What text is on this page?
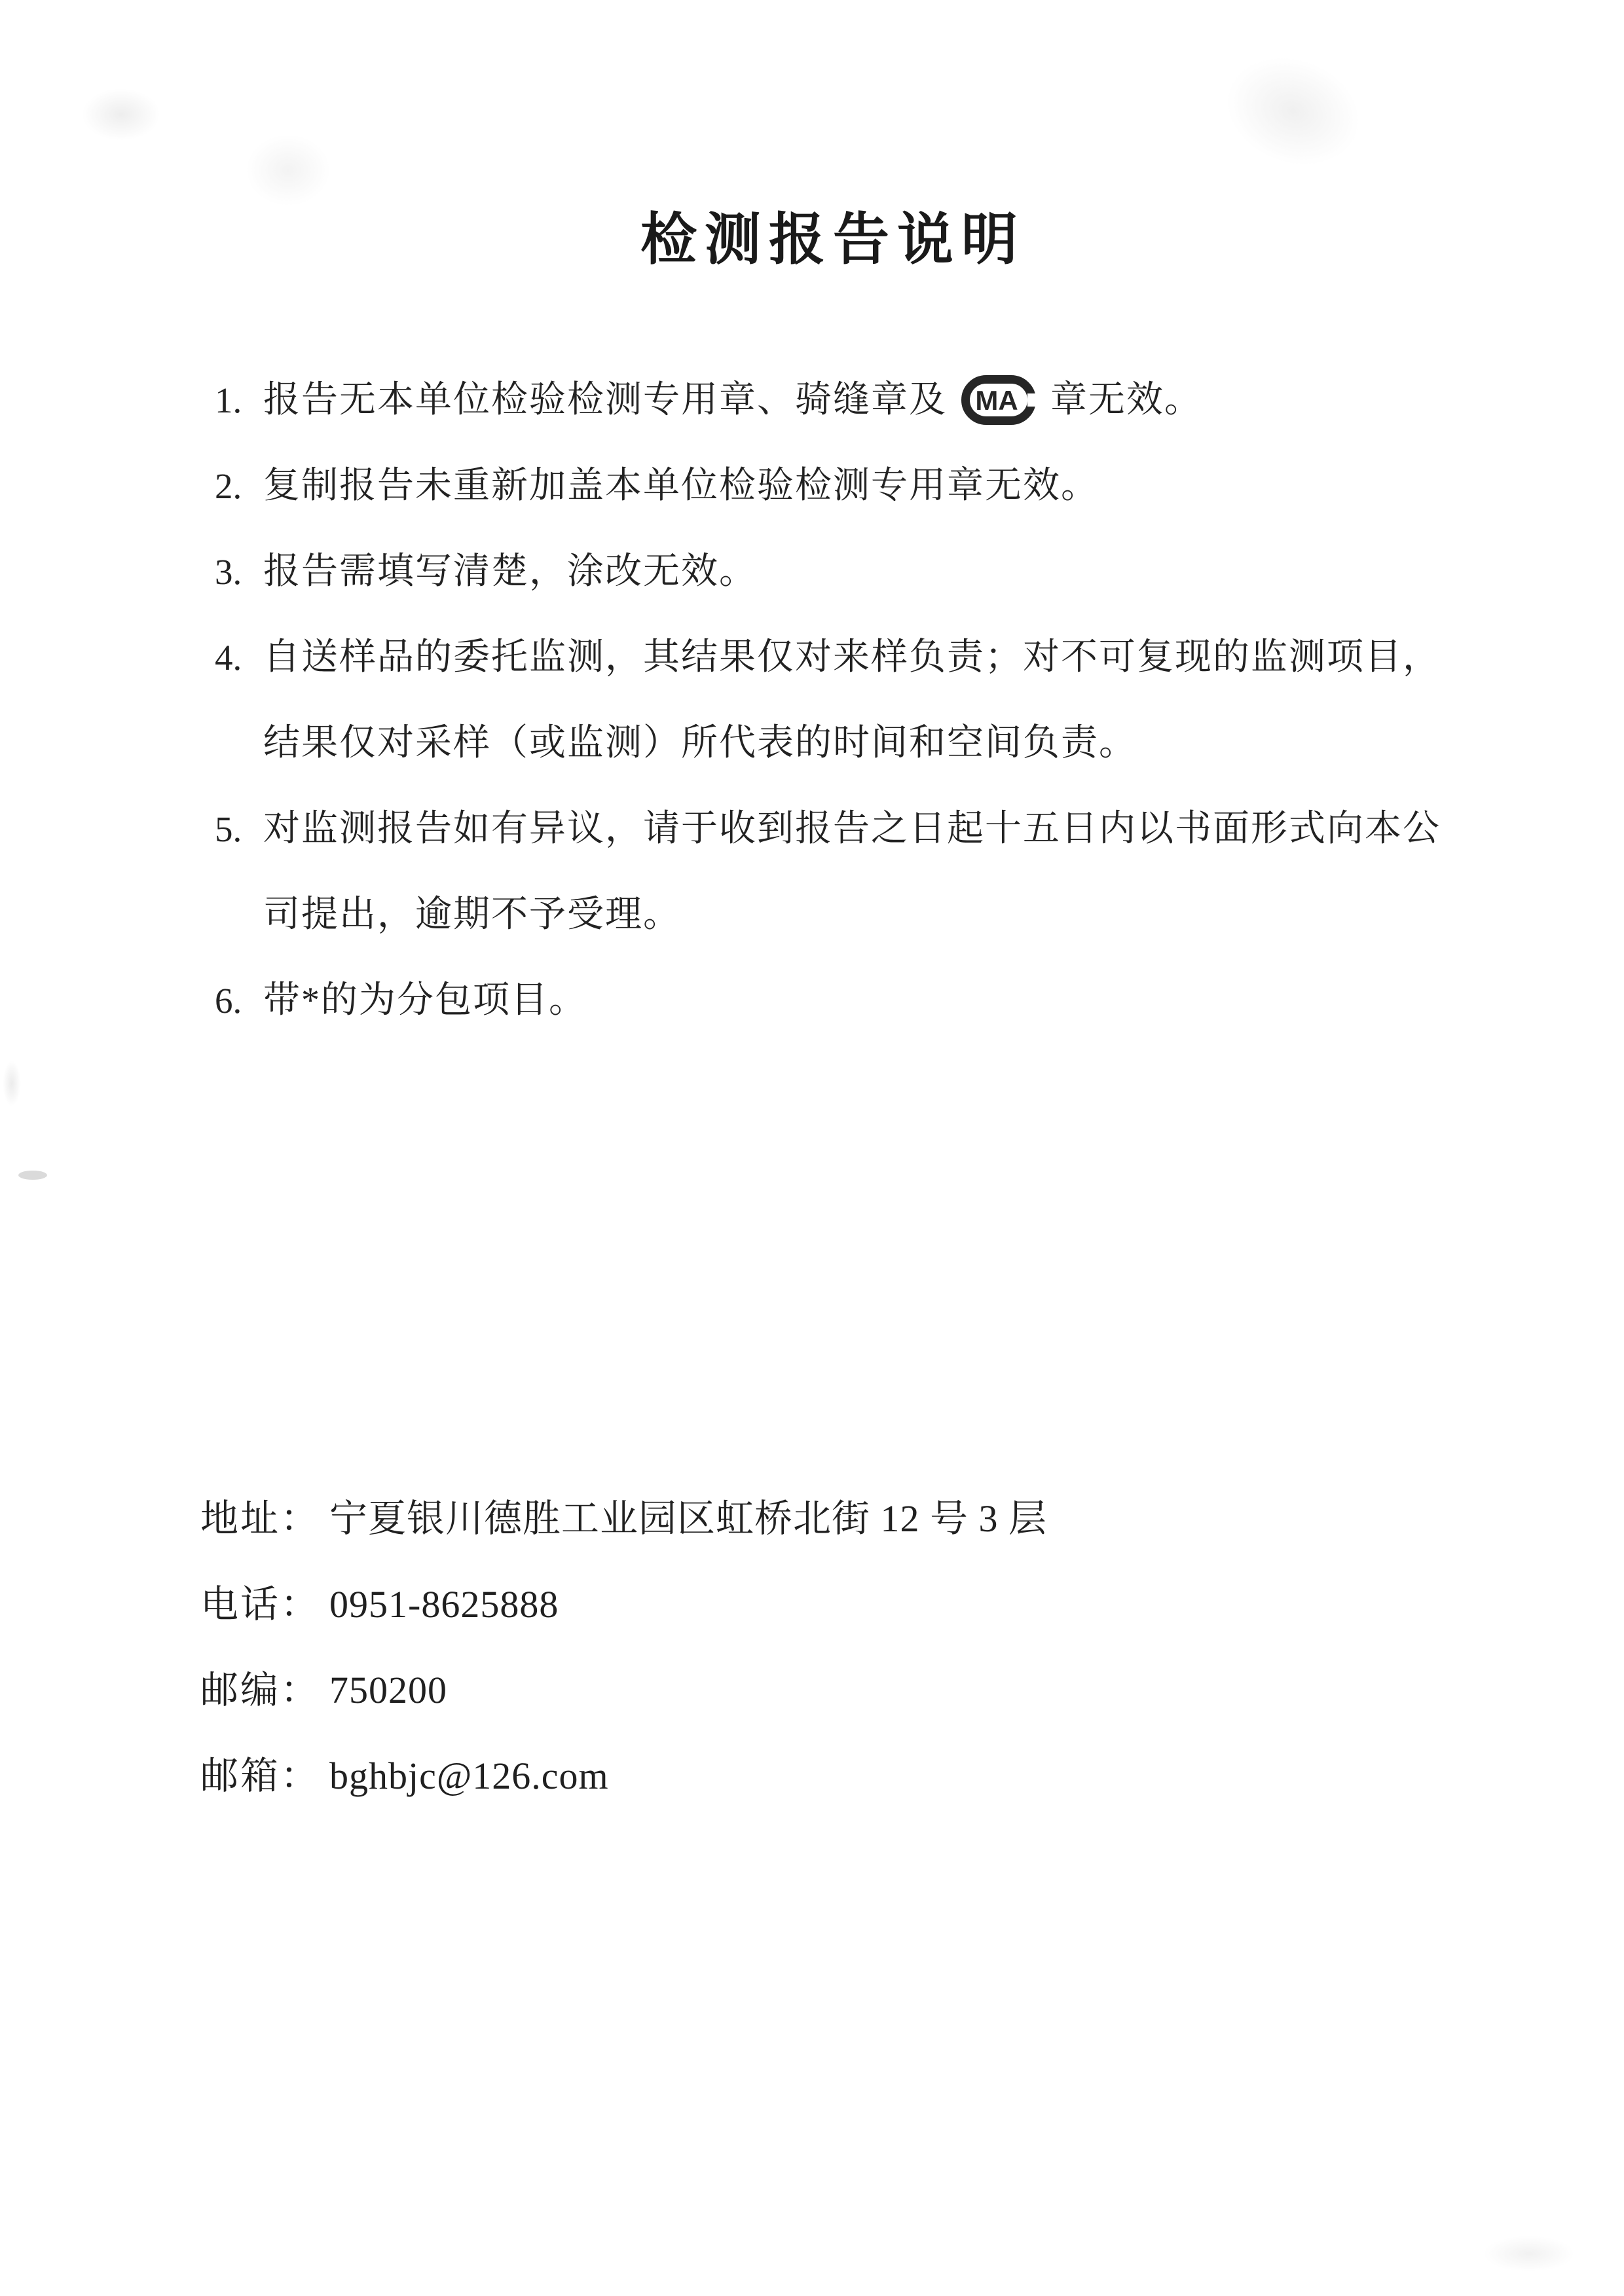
检测报告说明
1. 报告无本单位检验检测专用章、骑缝章及 MA 章无效。
2. 复制报告未重新加盖本单位检验检测专用章无效。
3. 报告需填写清楚，涂改无效。
4. 自送样品的委托监测，其结果仅对来样负责；对不可复现的监测项目，
结果仅对采样（或监测）所代表的时间和空间负责。
5. 对监测报告如有异议，请于收到报告之日起十五日内以书面形式向本公
司提出，逾期不予受理。
6. 带*的为分包项目。
地址： 宁夏银川德胜工业园区虹桥北街 12 号 3 层
电话： 0951-8625888
邮编： 750200
邮箱： bghbjc@126.com
